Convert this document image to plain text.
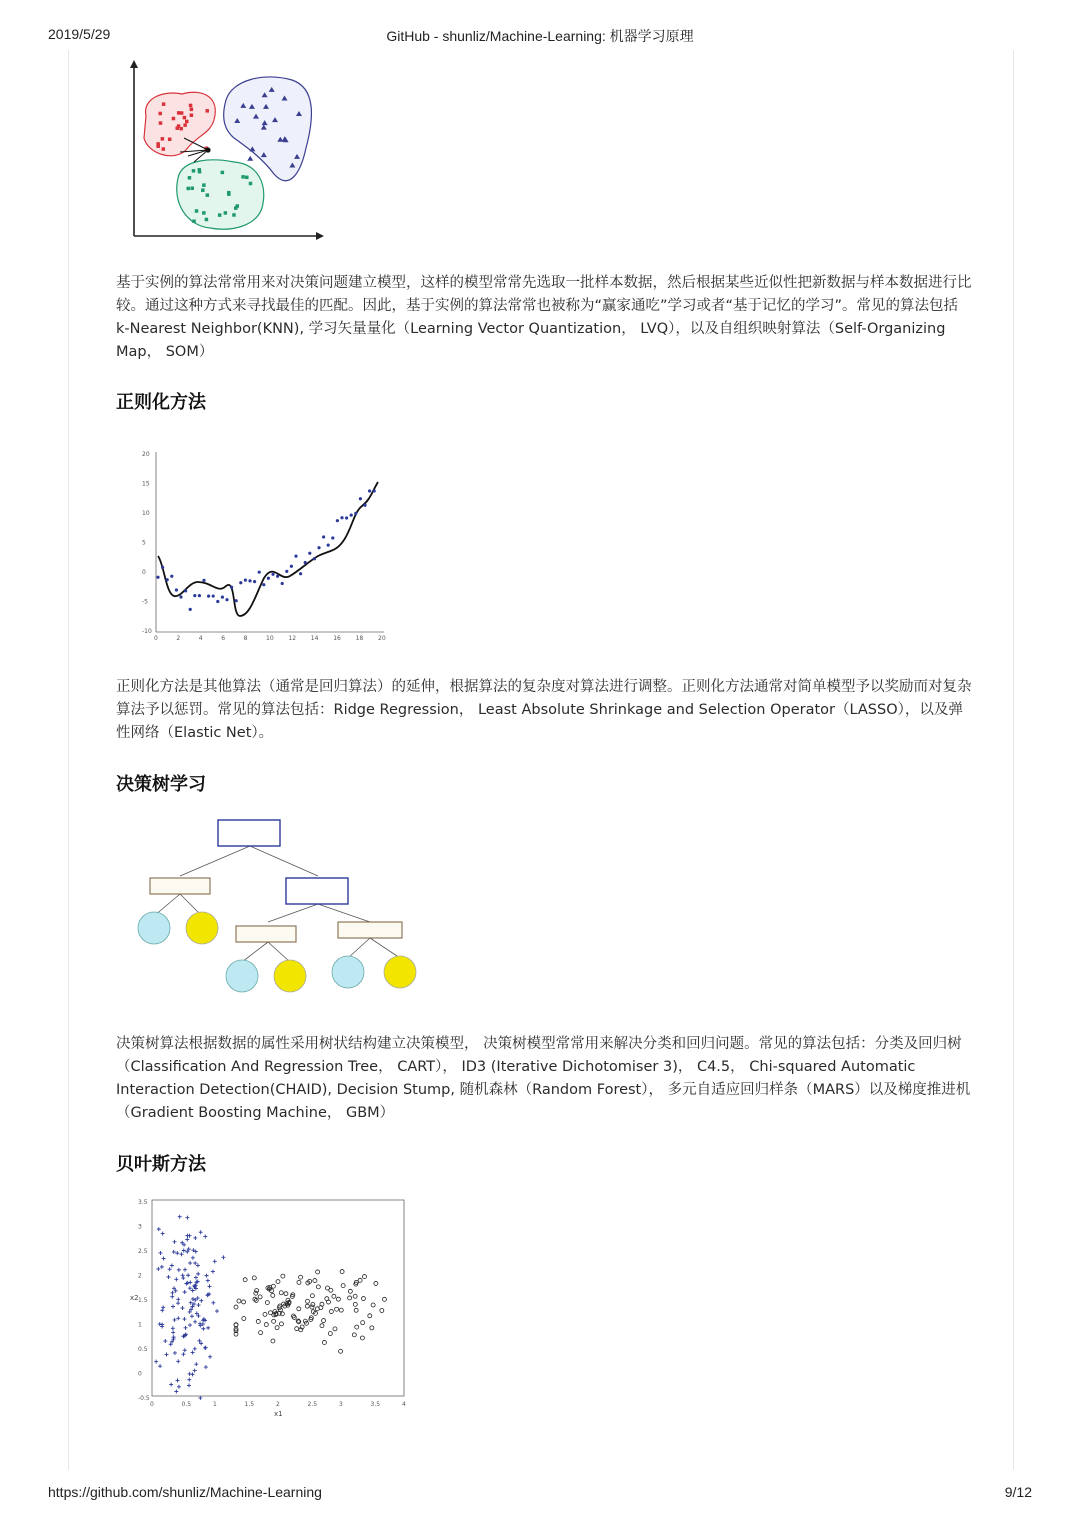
2019/5/29	GitHub - shunliz/Machine-Learning: 机器学习原理

基于实例的算法常常用来对决策问题建立模型，这样的模型常常先选取一批样本数据，然后根据某些近似性把新数据与样本数据进行比较。通过这种方式来寻找最佳的匹配。因此，基于实例的算法常常也被称为“赢家通吃”学习或者“基于记忆的学习”。常见的算法包括 k-Nearest Neighbor(KNN), 学习矢量量化（Learning Vector Quantization， LVQ），以及自组织映射算法（Self-Organizing Map， SOM）

正则化方法
20
15
10
5
0
-5
-10
0	2	4	6	8	10 12 14 16 18 20

正则化方法是其他算法（通常是回归算法）的延伸，根据算法的复杂度对算法进行调整。正则化方法通常对简单模型予以奖励而对复杂算法予以惩罚。常见的算法包括：Ridge Regression， Least Absolute Shrinkage and Selection Operator（LASSO），以及弹性网络（Elastic Net）。

决策树学习

决策树算法根据数据的属性采用树状结构建立决策模型， 决策树模型常常用来解决分类和回归问题。常见的算法包括：分类及回归树（Classification And Regression Tree， CART）， ID3 (Iterative Dichotomiser 3)， C4.5， Chi-squared Automatic Interaction Detection(CHAID), Decision Stump, 随机森林（Random Forest）， 多元自适应回归样条（MARS）以及梯度推进机（Gradient Boosting Machine， GBM）

贝叶斯方法
3.5
3
2.5
2
1.5
1
0.5
0
-0.5
0	0.5	1	1.5	2	2.5	3	3.5	4
x2
x1
https://github.com/shunliz/Machine-Learning	9/12
